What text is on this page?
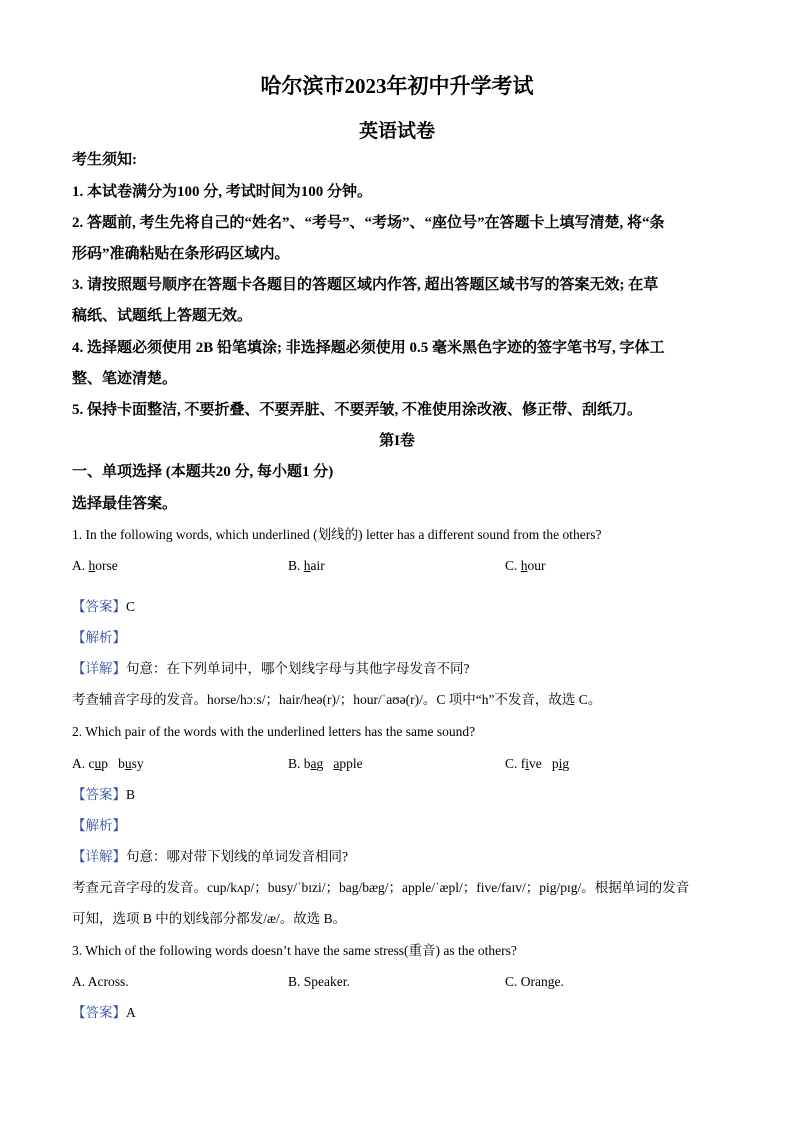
哈尔滨市2023年初中升学考试
英语试卷
考生须知:
1. 本试卷满分为100 分, 考试时间为100 分钟。
2. 答题前, 考生先将自己的“姓名”、“考号”、“考场”、“座位号”在答题卡上填写清楚, 将“条
形码”准确粘贴在条形码区域内。
3. 请按照题号顺序在答题卡各题目的答题区域内作答, 超出答题区域书写的答案无效; 在草
稿纸、试题纸上答题无效。
4. 选择题必须使用 2B 铅笔填涂; 非选择题必须使用 0.5 毫米黑色字迹的签字笔书写, 字体工
整、笔迹清楚。
5. 保持卡面整洁, 不要折叠、不要弄脏、不要弄皱, 不准使用涂改液、修正带、刮纸刀。
第I卷
一、单项选择 (本题共20 分, 每小题1 分)
选择最佳答案。
1. In the following words, which underlined (划线的) letter has a different sound from the others?
A. horse	B. hair	C. hour
【答案】C
【解析】
【详解】句意：在下列单词中，哪个划线字母与其他字母发音不同?
考查辅音字母的发音。horse/hɔːs/；hair/heə(r)/；hour/ˈaʊə(r)/。C 项中“h”不发音，故选 C。
2. Which pair of the words with the underlined letters has the same sound?
A. cup   busy	B. bag   apple	C. five   pig
【答案】B
【解析】
【详解】句意：哪对带下划线的单词发音相同?
考查元音字母的发音。cup/kʌp/；busy/ˈbɪzi/；bag/bæg/；apple/ˈæpl/；five/faɪv/；pig/pɪg/。根据单词的发音
可知，选项 B 中的划线部分都发/æ/。故选 B。
3. Which of the following words doesn’t have the same stress(重音) as the others?
A. Across.	B. Speaker.	C. Orange.
【答案】A
